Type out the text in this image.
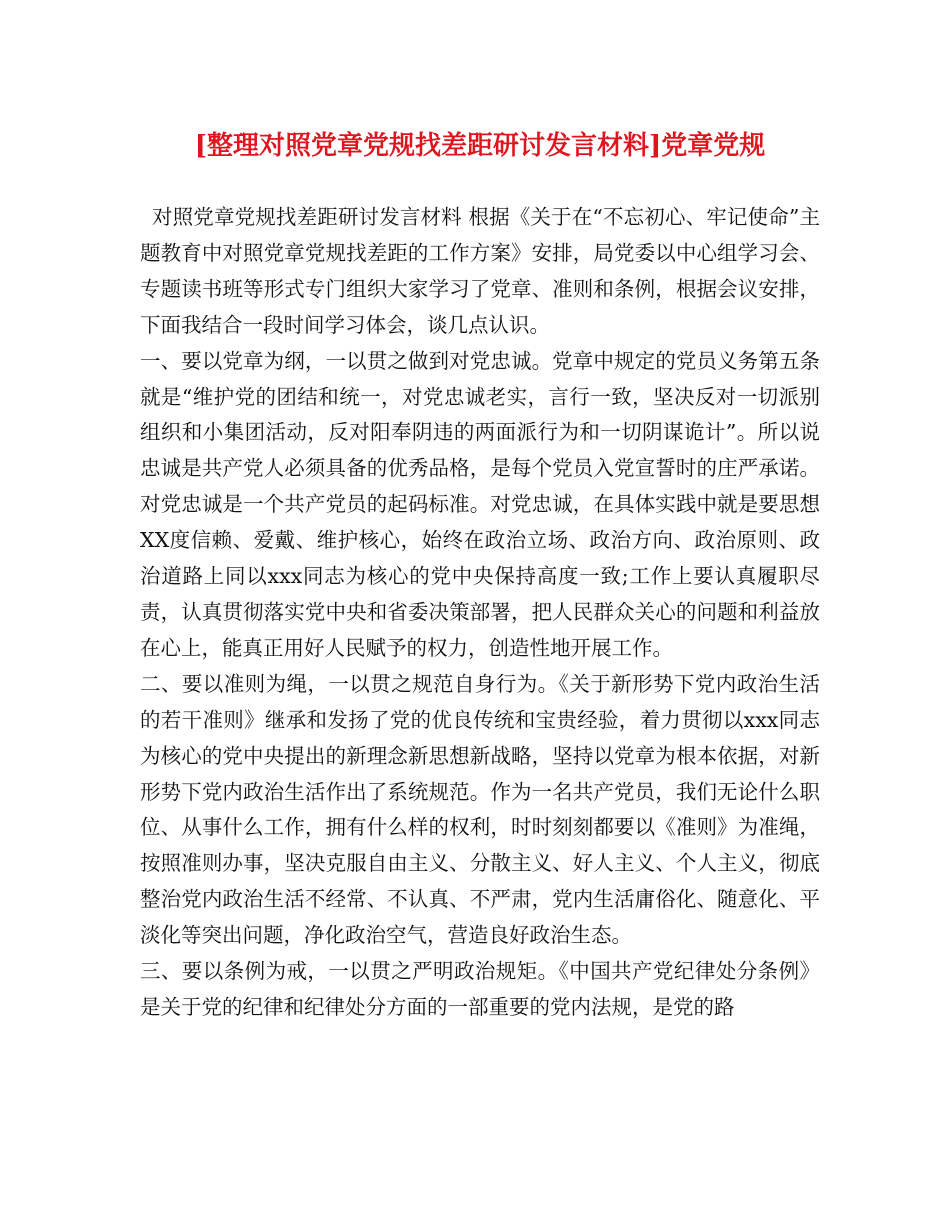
[整理对照党章党规找差距研讨发言材料]党章党规

对照党章党规找差距研讨发言材料 根据《关于在“不忘初心、牢记使命”主题教育中对照党章党规找差距的工作方案》安排，局党委以中心组学习会、专题读书班等形式专门组织大家学习了党章、准则和条例，根据会议安排，下面我结合一段时间学习体会，谈几点认识。

一、要以党章为纲，一以贯之做到对党忠诚。党章中规定的党员义务第五条就是“维护党的团结和统一，对党忠诚老实，言行一致，坚决反对一切派别组织和小集团活动，反对阳奉阴违的两面派行为和一切阴谋诡计”。所以说忠诚是共产党人必须具备的优秀品格，是每个党员入党宣誓时的庄严承诺。对党忠诚是一个共产党员的起码标准。对党忠诚，在具体实践中就是要思想XX度信赖、爱戴、维护核心，始终在政治立场、政治方向、政治原则、政治道路上同以xxx同志为核心的党中央保持高度一致;工作上要认真履职尽责，认真贯彻落实党中央和省委决策部署，把人民群众关心的问题和利益放在心上，能真正用好人民赋予的权力，创造性地开展工作。

二、要以准则为绳，一以贯之规范自身行为。《关于新形势下党内政治生活的若干准则》继承和发扬了党的优良传统和宝贵经验，着力贯彻以xxx同志为核心的党中央提出的新理念新思想新战略，坚持以党章为根本依据，对新形势下党内政治生活作出了系统规范。作为一名共产党员，我们无论什么职位、从事什么工作，拥有什么样的权利，时时刻刻都要以《准则》为准绳，按照准则办事，坚决克服自由主义、分散主义、好人主义、个人主义，彻底整治党内政治生活不经常、不认真、不严肃，党内生活庸俗化、随意化、平淡化等突出问题，净化政治空气，营造良好政治生态。

三、要以条例为戒，一以贯之严明政治规矩。《中国共产党纪律处分条例》是关于党的纪律和纪律处分方面的一部重要的党内法规，是党的路
